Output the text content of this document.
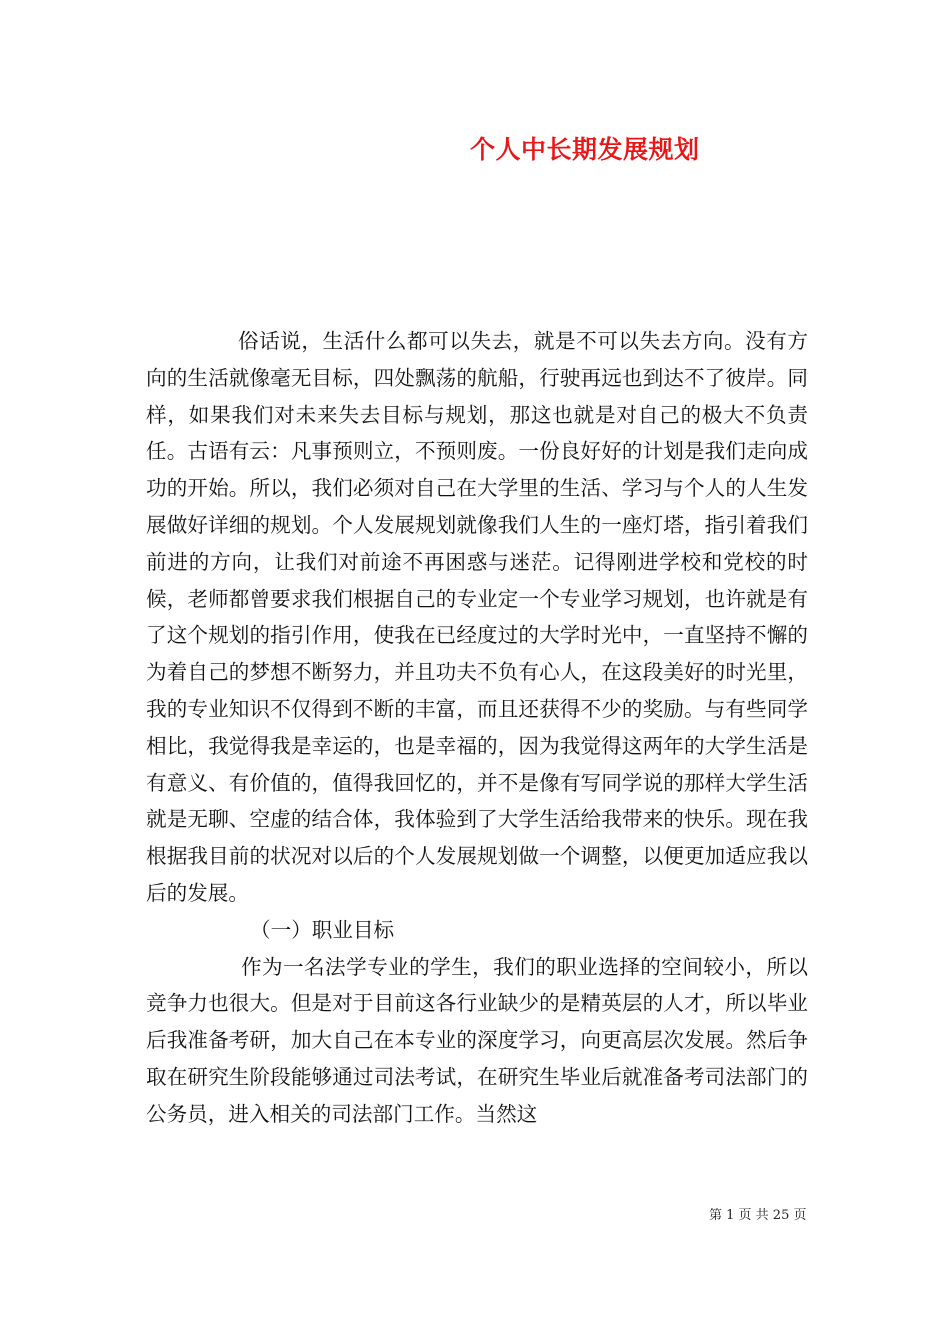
个人中长期发展规划

俗话说，生活什么都可以失去，就是不可以失去方向。没有方向的生活就像毫无目标，四处飘荡的航船，行驶再远也到达不了彼岸。同样，如果我们对未来失去目标与规划，那这也就是对自己的极大不负责任。古语有云：凡事预则立，不预则废。一份良好好的计划是我们走向成功的开始。所以，我们必须对自己在大学里的生活、学习与个人的人生发展做好详细的规划。个人发展规划就像我们人生的一座灯塔，指引着我们前进的方向，让我们对前途不再困惑与迷茫。记得刚进学校和党校的时候，老师都曾要求我们根据自己的专业定一个专业学习规划，也许就是有了这个规划的指引作用，使我在已经度过的大学时光中，一直坚持不懈的为着自己的梦想不断努力，并且功夫不负有心人，在这段美好的时光里，我的专业知识不仅得到不断的丰富，而且还获得不少的奖励。与有些同学相比，我觉得我是幸运的，也是幸福的，因为我觉得这两年的大学生活是有意义、有价值的，值得我回忆的，并不是像有写同学说的那样大学生活就是无聊、空虚的结合体，我体验到了大学生活给我带来的快乐。现在我根据我目前的状况对以后的个人发展规划做一个调整，以便更加适应我以后的发展。

（一）职业目标

作为一名法学专业的学生，我们的职业选择的空间较小，所以竞争力也很大。但是对于目前这各行业缺少的是精英层的人才，所以毕业后我准备考研，加大自己在本专业的深度学习，向更高层次发展。然后争取在研究生阶段能够通过司法考试，在研究生毕业后就准备考司法部门的公务员，进入相关的司法部门工作。当然这

第 1 页 共 25 页
